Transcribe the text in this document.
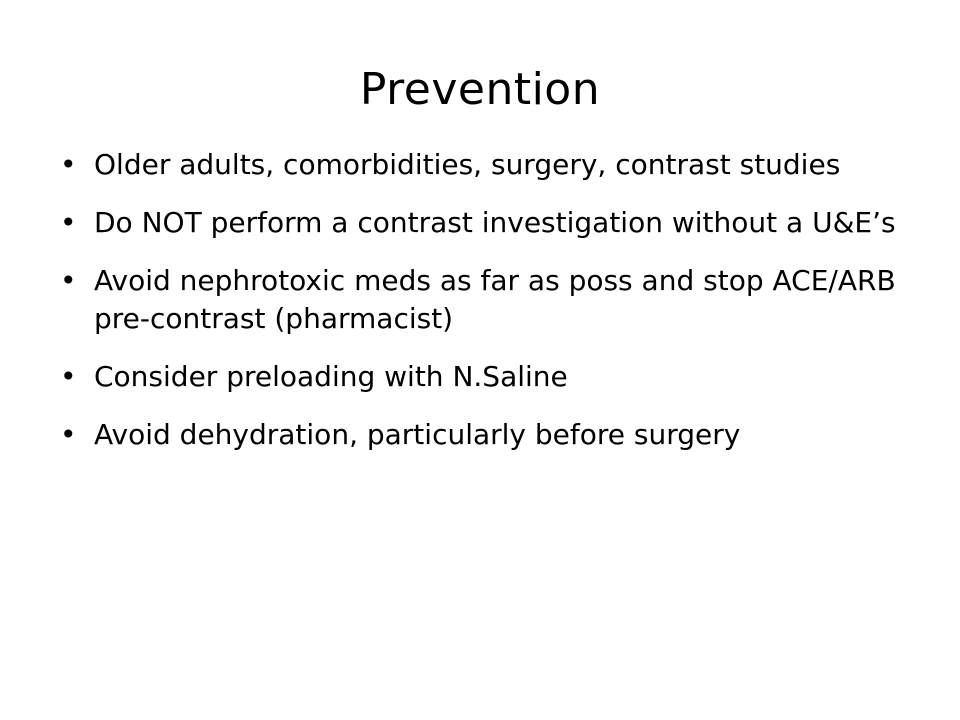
Prevention
• Older adults, comorbidities, surgery, contrast studies
• Do NOT perform a contrast investigation without a U&E’s
• Avoid nephrotoxic meds as far as poss and stop ACE/ARB pre-contrast (pharmacist)
• Consider preloading with N.Saline
• Avoid dehydration, particularly before surgery
